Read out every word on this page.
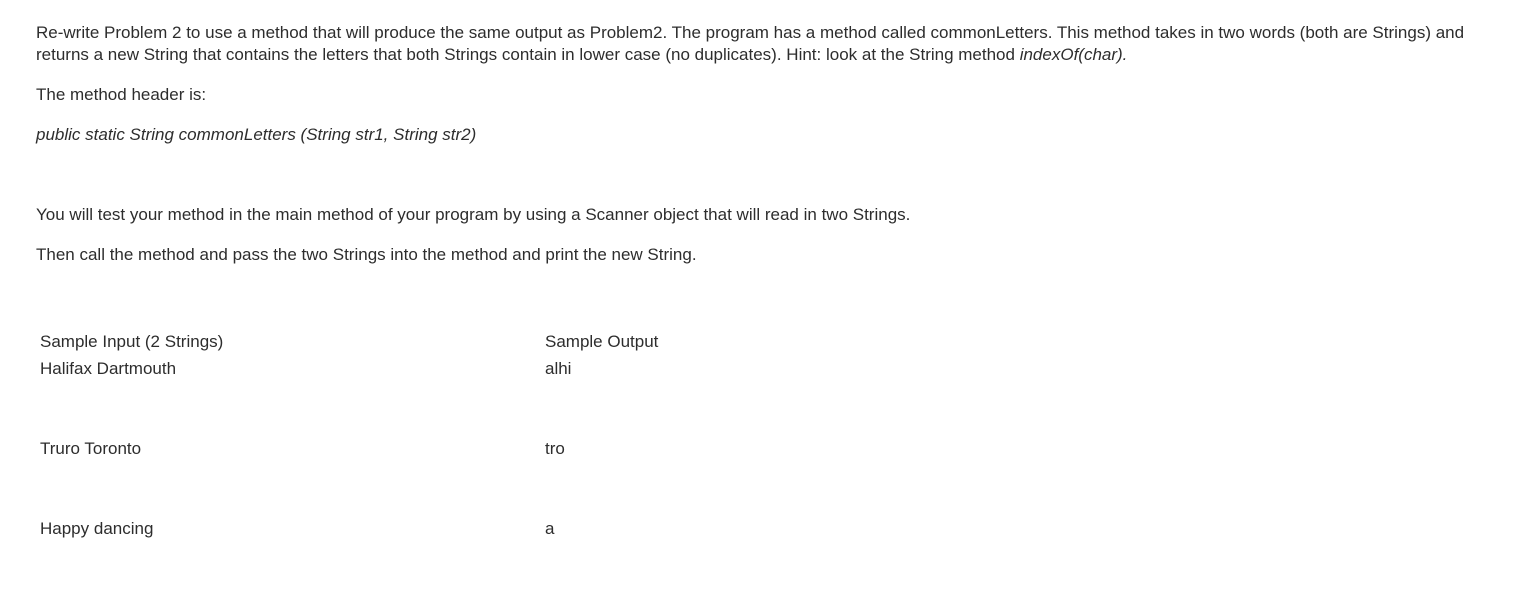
Re-write Problem 2 to use a method that will produce the same output as Problem2. The program has a method called commonLetters. This method takes in two words (both are Strings) and returns a new String that contains the letters that both Strings contain in lower case (no duplicates). Hint: look at the String method indexOf(char).

The method header is:

public static String commonLetters (String str1, String str2)

You will test your method in the main method of your program by using a Scanner object that will read in two Strings.

Then call the method and pass the two Strings into the method and print the new String.

Sample Input (2 Strings)	Sample Output
Halifax Dartmouth	alhi
Truro Toronto	tro
Happy dancing	a
